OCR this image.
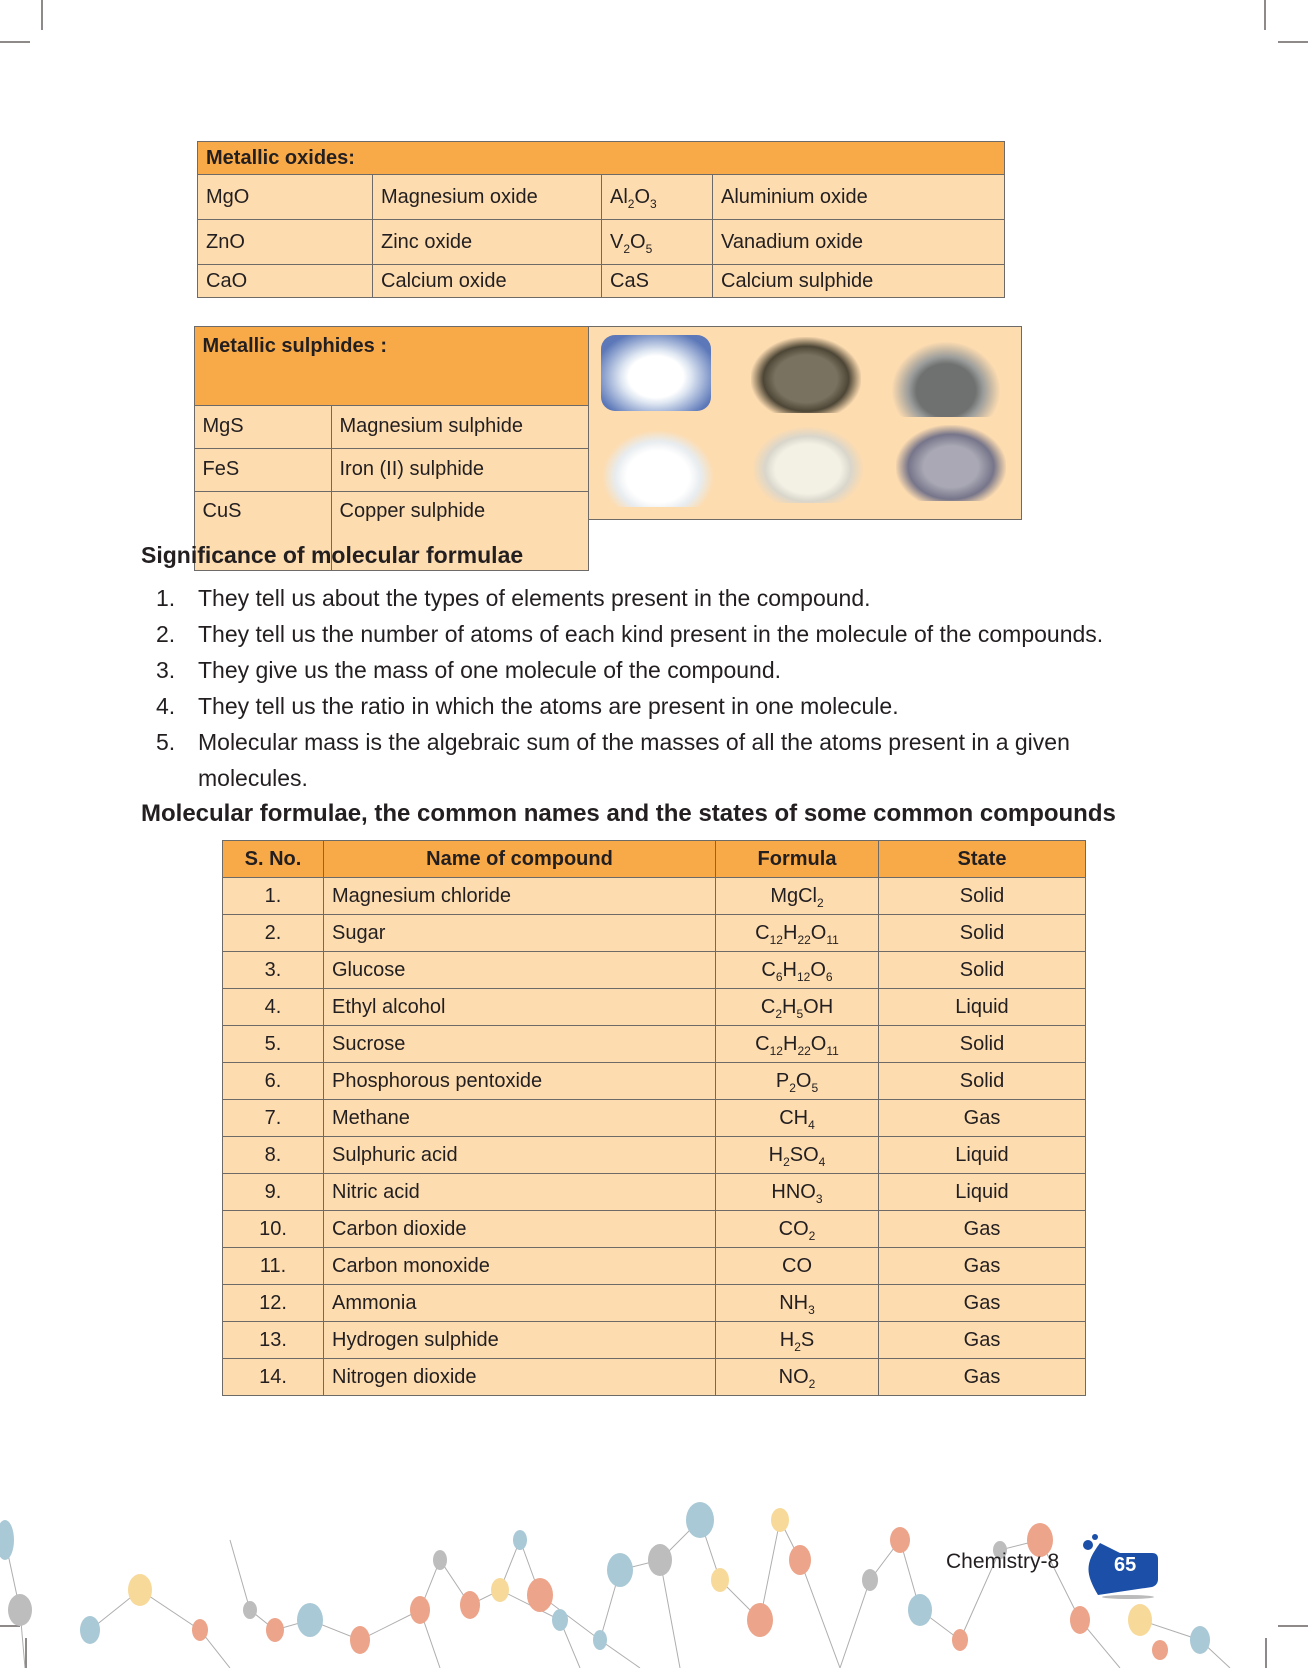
Metallic oxides:			
MgO	Magnesium oxide	$Al_2O_3$	Aluminium oxide
ZnO	Zinc oxide	$V_2O_5$	Vanadium oxide
CaO	Calcium oxide	CaS	Calcium sulphide
Metallic sulphides :	
MgS	Magnesium sulphide
FeS	Iron (II) sulphide
CuS	Copper sulphide
Significance of molecular formulae
1. They tell us about the types of elements present in the compound.
2. They tell us the number of atoms of each kind present in the molecule of the compounds.
3. They give us the mass of one molecule of the compound.
4. They tell us the ratio in which the atoms are present in one molecule.
5. Molecular mass is the algebraic sum of the masses of all the atoms present in a given molecules.
Molecular formulae, the common names and the states of some common compounds
S. No.	Name of compound	Formula	State
1.	Magnesium chloride	MgCl$_2$	Solid
2.	Sugar	$C_{12}H_{22}O_{11}$	Solid
3.	Glucose	$C_6H_{12}O_6$	Solid
4.	Ethyl alcohol	$C_2H_5OH$	Liquid
5.	Sucrose	$C_{12}H_{22}O_{11}$	Solid
6.	Phosphorous pentoxide	$P_2O_5$	Solid
7.	Methane	$CH_4$	Gas
8.	Sulphuric acid	$H_2SO_4$	Liquid
9.	Nitric acid	$HNO_3$	Liquid
10.	Carbon dioxide	$CO_2$	Gas
11.	Carbon monoxide	CO	Gas
12.	Ammonia	$NH_3$	Gas
13.	Hydrogen sulphide	$H_2S$	Gas
14.	Nitrogen dioxide	$NO_2$	Gas
Chemistry-8	65
